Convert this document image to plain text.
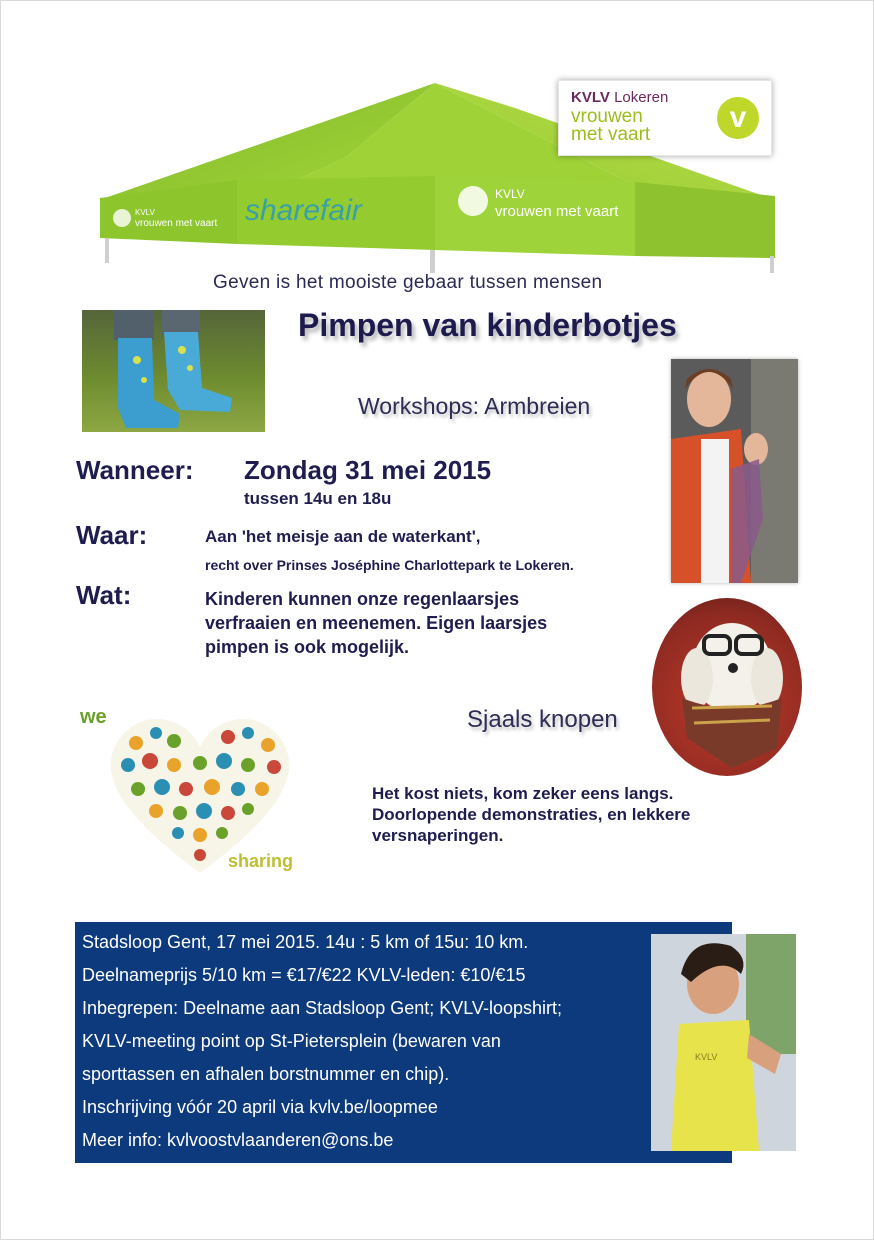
sharefair	KVLV
vrouwen met vaart
KVLV
vrouwen met vaart
KVLV Lokeren
vrouwen
met vaart
v
Geven is het mooiste gebaar tussen mensen
Pimpen van kinderbotjes
Workshops: Armbreien
Wanneer: Zondag 31 mei 2015
tussen 14u en 18u
Waar:	Aan 'het meisje aan de waterkant',
recht over Prinses Joséphine Charlottepark te Lokeren.
Wat:	Kinderen kunnen onze regenlaarsjes
verfraaien en meenemen. Eigen laarsjes
pimpen is ook mogelijk.
we
sharing
Sjaals knopen
Het kost niets, kom zeker eens langs.
Doorlopende demonstraties, en lekkere
versnaperingen.
Stadsloop Gent, 17 mei 2015. 14u : 5 km of 15u: 10 km.
Deelnameprijs 5/10 km = €17/€22 KVLV-leden: €10/€15
Inbegrepen: Deelname aan Stadsloop Gent; KVLV-loopshirt;
KVLV-meeting point op St-Pietersplein (bewaren van
sporttassen en afhalen borstnummer en chip).
Inschrijving vóór 20 april via kvlv.be/loopmee
Meer info: kvlvoostvlaanderen@ons.be
KVLV
